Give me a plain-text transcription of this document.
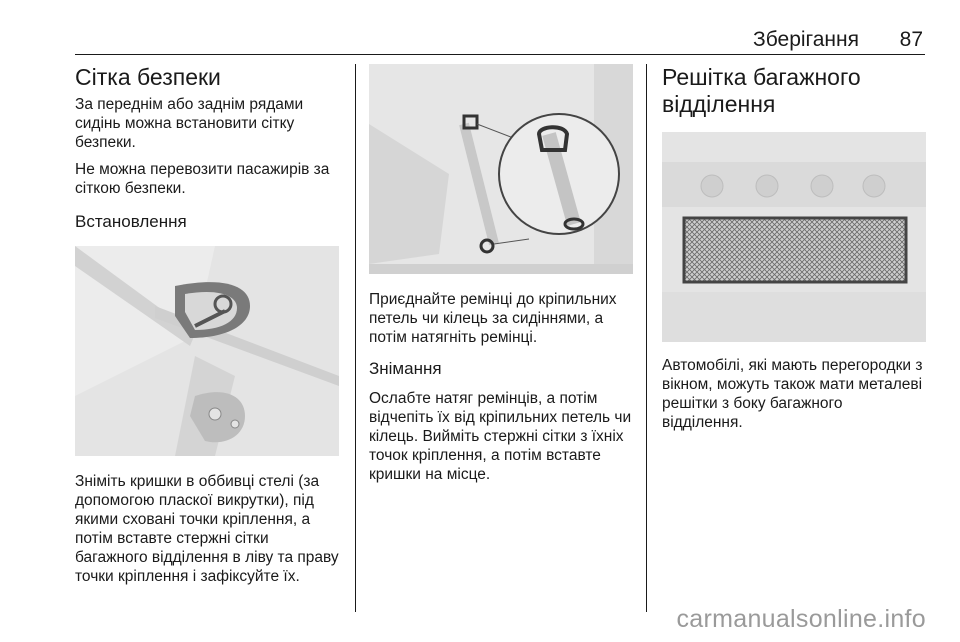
Зберігання 87
Сітка безпеки

За переднім або заднім рядами сидінь можна встановити сітку безпеки.

Не можна перевозити пасажирів за сіткою безпеки.

Встановлення

Зніміть кришки в оббивці стелі (за допомогою пласкої викрутки), під якими сховані точки кріплення, а потім вставте стержні сітки багажного відділення в ліву та праву точки кріплення і зафіксуйте їх.

Приєднайте ремінці до кріпильних петель чи кілець за сидіннями, а потім натягніть ремінці.

Знімання

Ослабте натяг ремінців, а потім відчепіть їх від кріпильних петель чи кілець. Вийміть стержні сітки з їхніх точок кріплення, а потім вставте кришки на місце.

Решітка багажного відділення

Автомобілі, які мають перегородки з вікном, можуть також мати металеві решітки з боку багажного відділення.

carmanualsonline.info
